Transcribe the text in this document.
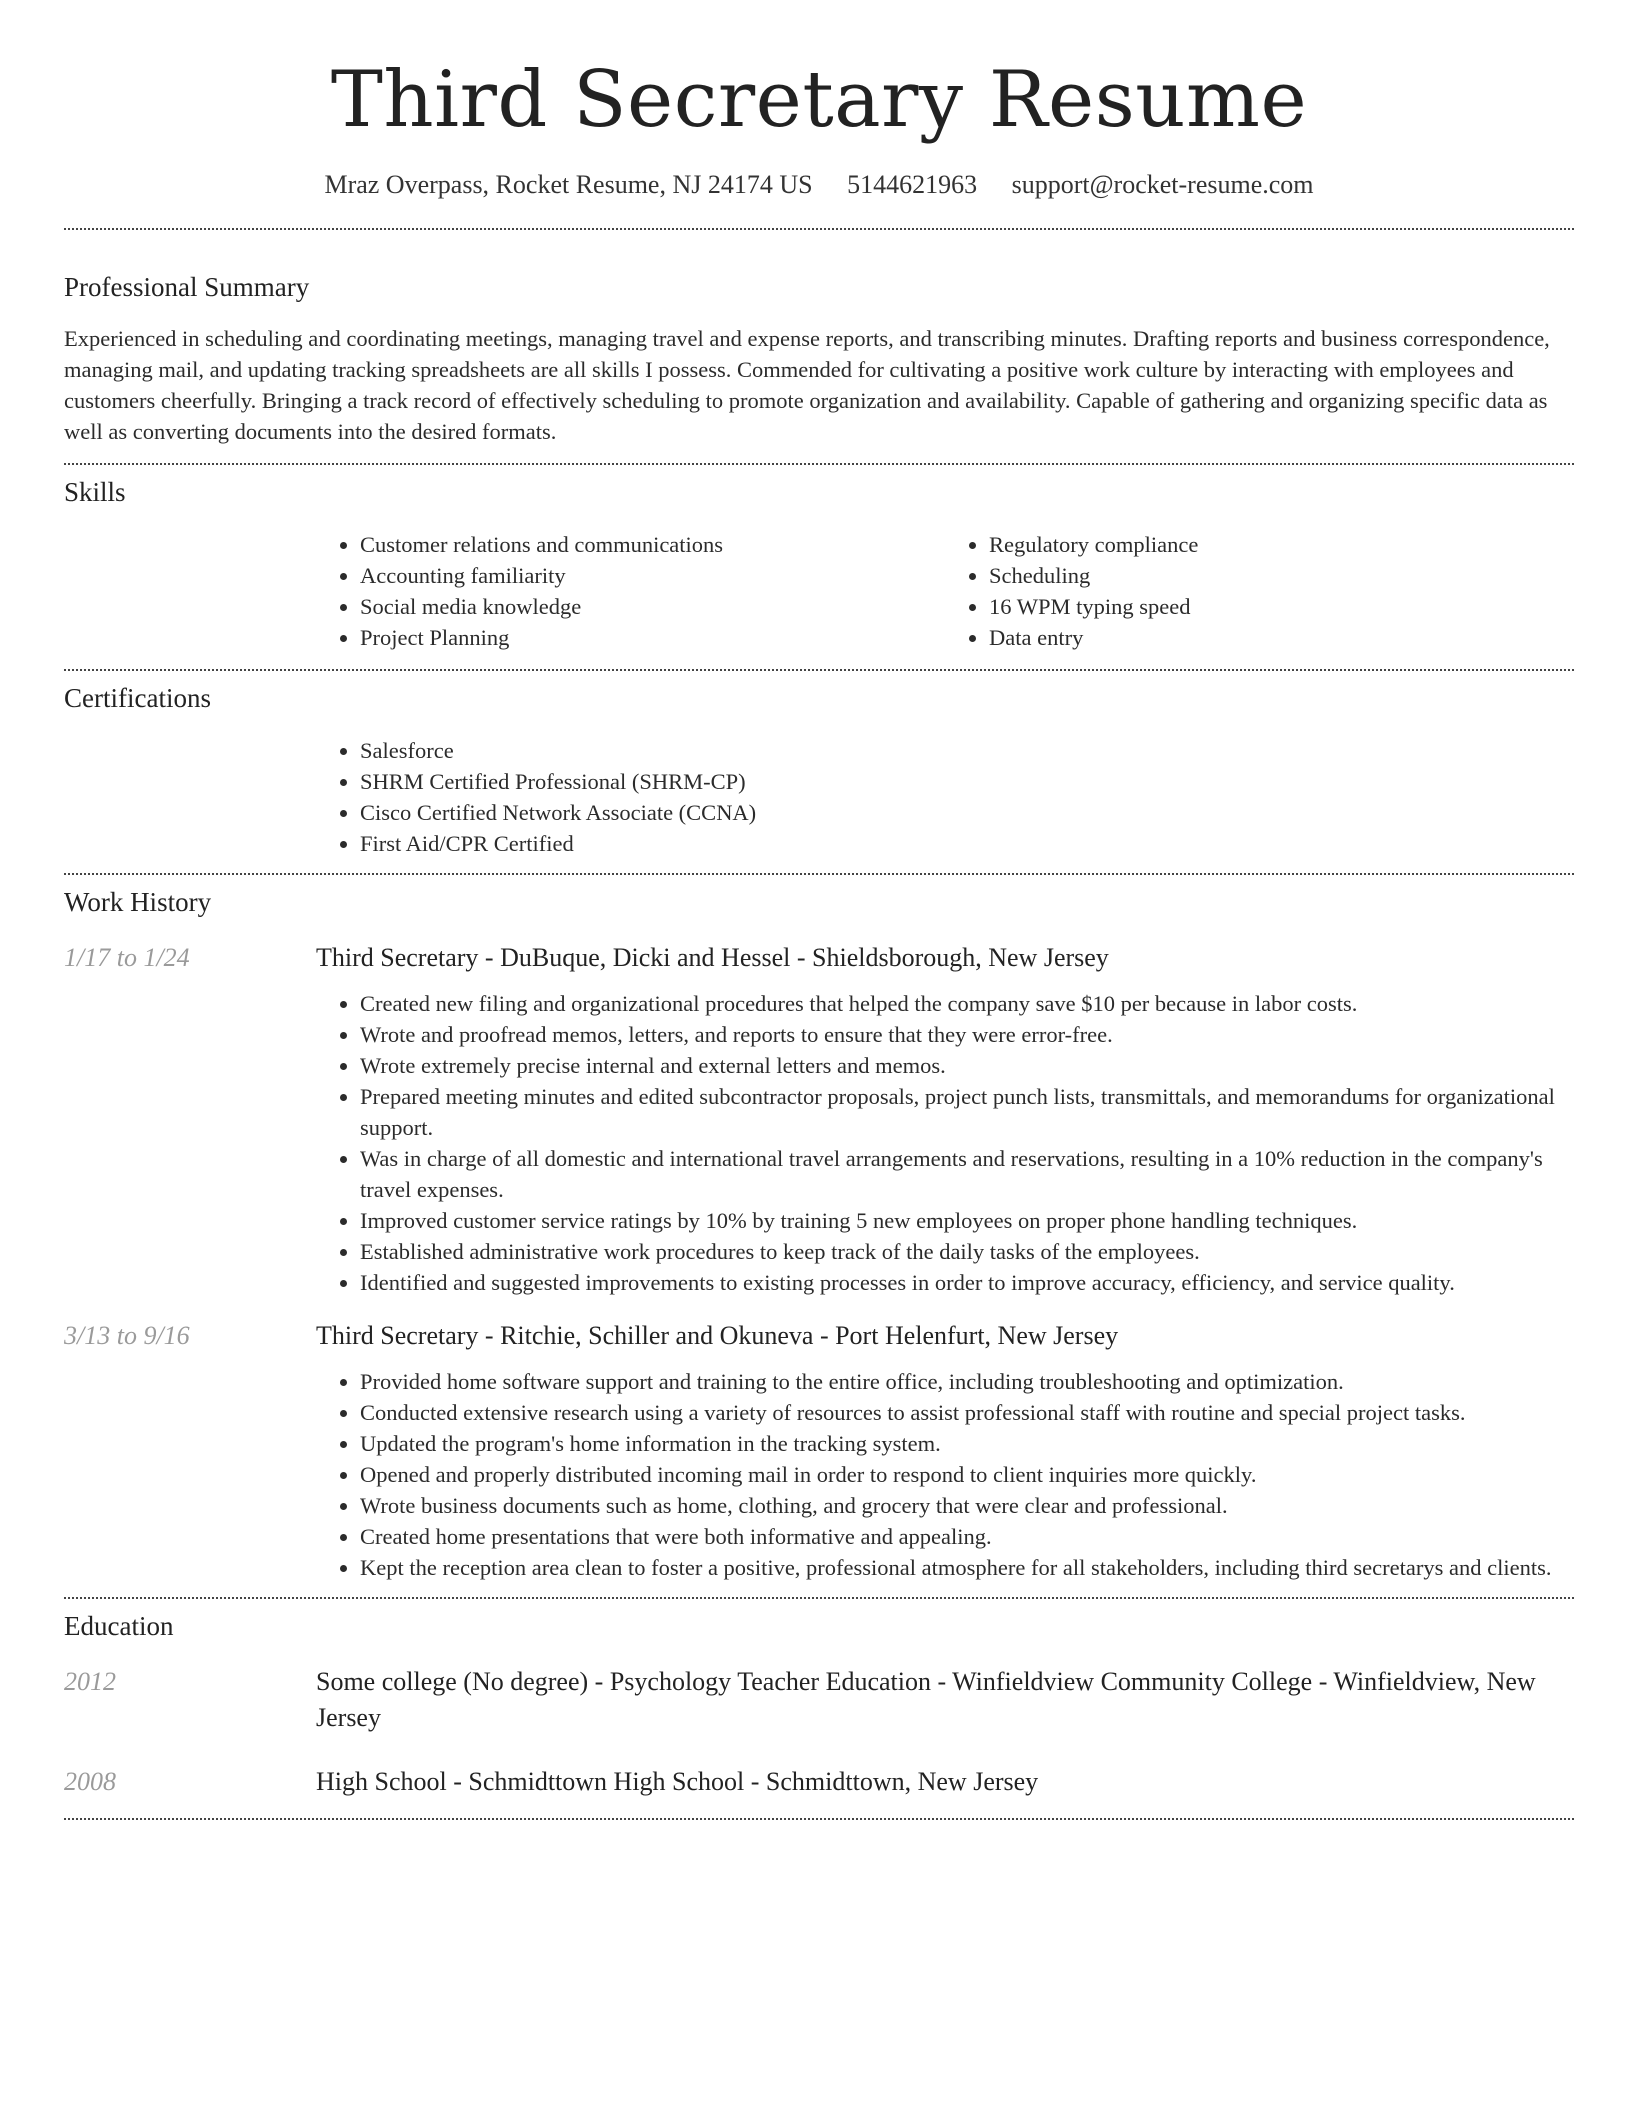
Third Secretary Resume
Mraz Overpass, Rocket Resume, NJ 24174 US 5144621963 support@rocket-resume.com
Professional Summary

Experienced in scheduling and coordinating meetings, managing travel and expense reports, and transcribing minutes. Drafting reports and business correspondence, managing mail, and updating tracking spreadsheets are all skills I possess. Commended for cultivating a positive work culture by interacting with employees and customers cheerfully. Bringing a track record of effectively scheduling to promote organization and availability. Capable of gathering and organizing specific data as well as converting documents into the desired formats.

Skills
• Customer relations and communications
• Accounting familiarity
• Social media knowledge
• Project Planning
• Regulatory compliance
• Scheduling
• 16 WPM typing speed
• Data entry
Certifications
• Salesforce
• SHRM Certified Professional (SHRM-CP)
• Cisco Certified Network Associate (CCNA)
• First Aid/CPR Certified
Work History
1/17 to 1/24	Third Secretary - DuBuque, Dicki and Hessel - Shieldsborough, New Jersey
• Created new filing and organizational procedures that helped the company save $10 per because in labor costs.
• Wrote and proofread memos, letters, and reports to ensure that they were error-free.
• Wrote extremely precise internal and external letters and memos.
• Prepared meeting minutes and edited subcontractor proposals, project punch lists, transmittals, and memorandums for organizational support.
• Was in charge of all domestic and international travel arrangements and reservations, resulting in a 10% reduction in the company's travel expenses.
• Improved customer service ratings by 10% by training 5 new employees on proper phone handling techniques.
• Established administrative work procedures to keep track of the daily tasks of the employees.
• Identified and suggested improvements to existing processes in order to improve accuracy, efficiency, and service quality.
3/13 to 9/16	Third Secretary - Ritchie, Schiller and Okuneva - Port Helenfurt, New Jersey
• Provided home software support and training to the entire office, including troubleshooting and optimization.
• Conducted extensive research using a variety of resources to assist professional staff with routine and special project tasks.
• Updated the program's home information in the tracking system.
• Opened and properly distributed incoming mail in order to respond to client inquiries more quickly.
• Wrote business documents such as home, clothing, and grocery that were clear and professional.
• Created home presentations that were both informative and appealing.
• Kept the reception area clean to foster a positive, professional atmosphere for all stakeholders, including third secretarys and clients.
Education
2012	Some college (No degree) - Psychology Teacher Education - Winfieldview Community College - Winfieldview, New Jersey
2008	High School - Schmidttown High School - Schmidttown, New Jersey
